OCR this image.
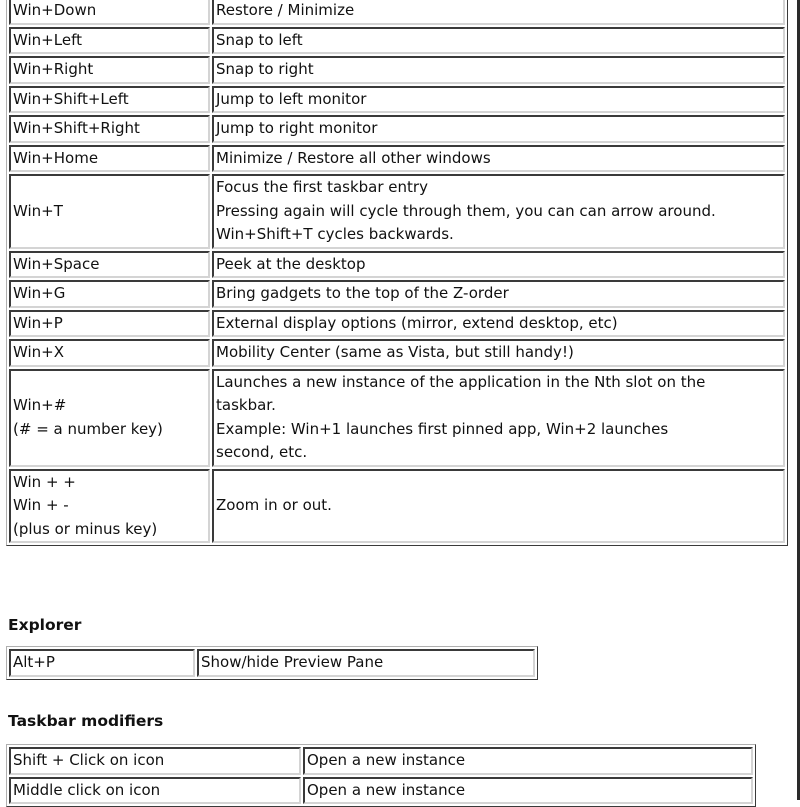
Win+Down	Restore / Minimize

Win+Left	Snap to left

Win+Right	Snap to right

Win+Shift+Left	Jump to left monitor

Win+Shift+Right	Jump to right monitor

Win+Home	Minimize / Restore all other windows

Win+T	Focus the first taskbar entry
Pressing again will cycle through them, you can can arrow around.
Win+Shift+T cycles backwards.

Win+Space	Peek at the desktop

Win+G	Bring gadgets to the top of the Z-order

Win+P	External display options (mirror, extend desktop, etc)

Win+X	Mobility Center (same as Vista, but still handy!)

Win+#
(# = a number key)	Launches a new instance of the application in the Nth slot on the
taskbar.
Example: Win+1 launches first pinned app, Win+2 launches
second, etc.

Win + +
Win + -
(plus or minus key)	Zoom in or out.
Explorer
Alt+P	Show/hide Preview Pane
Taskbar modifiers
Shift + Click on icon	Open a new instance

Middle click on icon	Open a new instance
